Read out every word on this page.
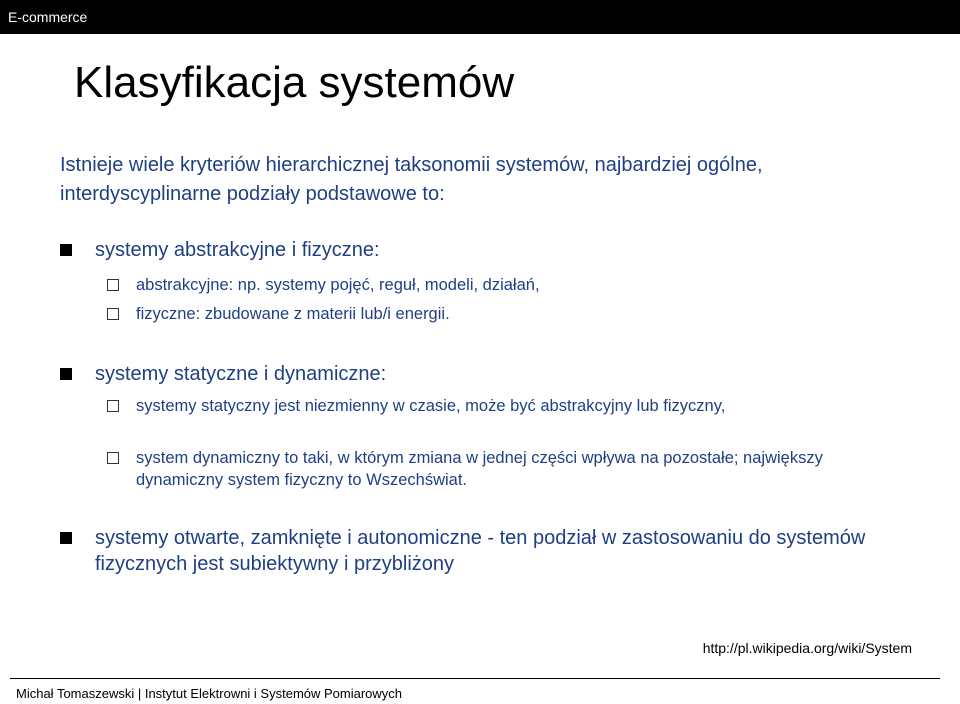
E-commerce
Klasyfikacja systemów
Istnieje wiele kryteriów hierarchicznej taksonomii systemów, najbardziej ogólne, interdyscyplinarne podziały podstawowe to:
systemy abstrakcyjne i fizyczne:
abstrakcyjne: np. systemy pojęć, reguł, modeli, działań,
fizyczne: zbudowane z materii lub/i energii.
systemy statyczne i dynamiczne:
systemy statyczny jest niezmienny w czasie, może być abstrakcyjny lub fizyczny,
system dynamiczny to taki, w którym zmiana w jednej części wpływa na pozostałe; największy dynamiczny system fizyczny to Wszechświat.
systemy otwarte, zamknięte i autonomiczne - ten podział w zastosowaniu do systemów fizycznych jest subiektywny i przybliżony
http://pl.wikipedia.org/wiki/System
Michał Tomaszewski | Instytut Elektrowni i Systemów Pomiarowych
